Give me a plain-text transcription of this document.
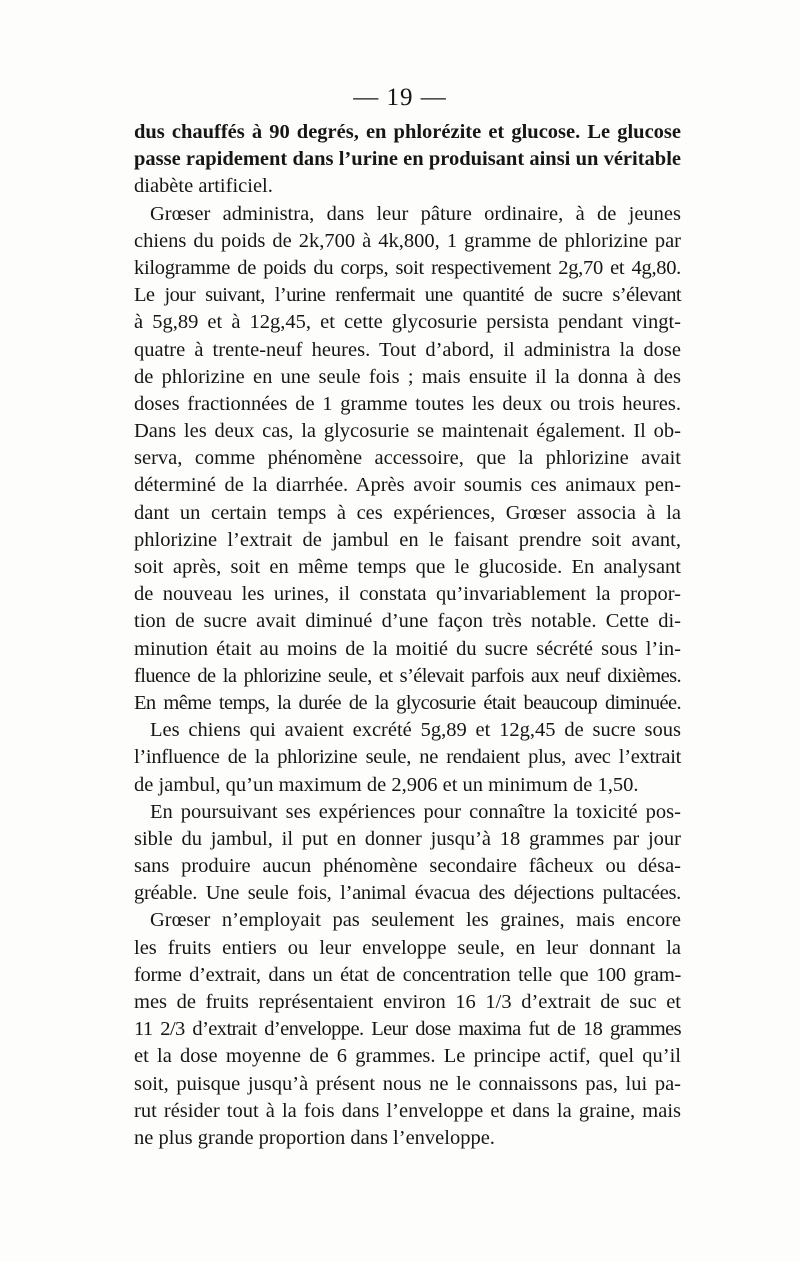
— 19 —
dus chauffés à 90 degrés, en phlorézite et glucose. Le glucose
passe rapidement dans l’urine en produisant ainsi un véritable
diabète artificiel.
Grœser administra, dans leur pâture ordinaire, à de jeunes
chiens du poids de 2k,700 à 4k,800, 1 gramme de phlorizine par
kilogramme de poids du corps, soit respectivement 2g,70 et 4g,80.
Le jour suivant, l’urine renfermait une quantité de sucre s’élevant
à 5g,89 et à 12g,45, et cette glycosurie persista pendant vingt-
quatre à trente-neuf heures. Tout d’abord, il administra la dose
de phlorizine en une seule fois ; mais ensuite il la donna à des
doses fractionnées de 1 gramme toutes les deux ou trois heures.
Dans les deux cas, la glycosurie se maintenait également. Il ob-
serva, comme phénomène accessoire, que la phlorizine avait
déterminé de la diarrhée. Après avoir soumis ces animaux pen-
dant un certain temps à ces expériences, Grœser associa à la
phlorizine l’extrait de jambul en le faisant prendre soit avant,
soit après, soit en même temps que le glucoside. En analysant
de nouveau les urines, il constata qu’invariablement la propor-
tion de sucre avait diminué d’une façon très notable. Cette di-
minution était au moins de la moitié du sucre sécrété sous l’in-
fluence de la phlorizine seule, et s’élevait parfois aux neuf dixièmes.
En même temps, la durée de la glycosurie était beaucoup diminuée.
Les chiens qui avaient excrété 5g,89 et 12g,45 de sucre sous
l’influence de la phlorizine seule, ne rendaient plus, avec l’extrait
de jambul, qu’un maximum de 2,906 et un minimum de 1,50.
En poursuivant ses expériences pour connaître la toxicité pos-
sible du jambul, il put en donner jusqu’à 18 grammes par jour
sans produire aucun phénomène secondaire fâcheux ou désa-
gréable. Une seule fois, l’animal évacua des déjections pultacées.
Grœser n’employait pas seulement les graines, mais encore
les fruits entiers ou leur enveloppe seule, en leur donnant la
forme d’extrait, dans un état de concentration telle que 100 gram-
mes de fruits représentaient environ 16 1/3 d’extrait de suc et
11 2/3 d’extrait d’enveloppe. Leur dose maxima fut de 18 grammes
et la dose moyenne de 6 grammes. Le principe actif, quel qu’il
soit, puisque jusqu’à présent nous ne le connaissons pas, lui pa-
rut résider tout à la fois dans l’enveloppe et dans la graine, mais
ne plus grande proportion dans l’enveloppe.
